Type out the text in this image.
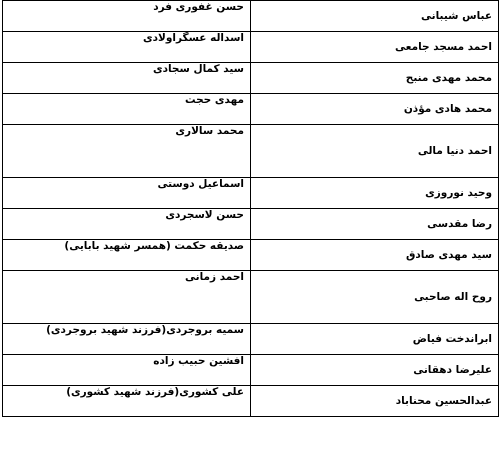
عباس شیبانی	حسن غفوری فرد
احمد مسجد جامعی	اسداله عسگراولادی
محمد مهدی منبح	سید کمال سجادی
محمد هادی مؤذن	مهدی حجت
احمد دنیا مالی	محمد سالاری
وحید نوروزی	اسماعیل دوستی
رضا مقدسی	حسن لاسجردی
سید مهدی صادق	صدیقه حکمت (همسر شهید بابایی)
روح اله صاحبی	احمد زمانی
ابراندخت فیاض	سمیه بروجردی(فرزند شهید بروجردی)
علیرضا دهقانی	افشین حبیب زاده
عبدالحسین محناباد	علی کشوری(فرزند شهید کشوری)
